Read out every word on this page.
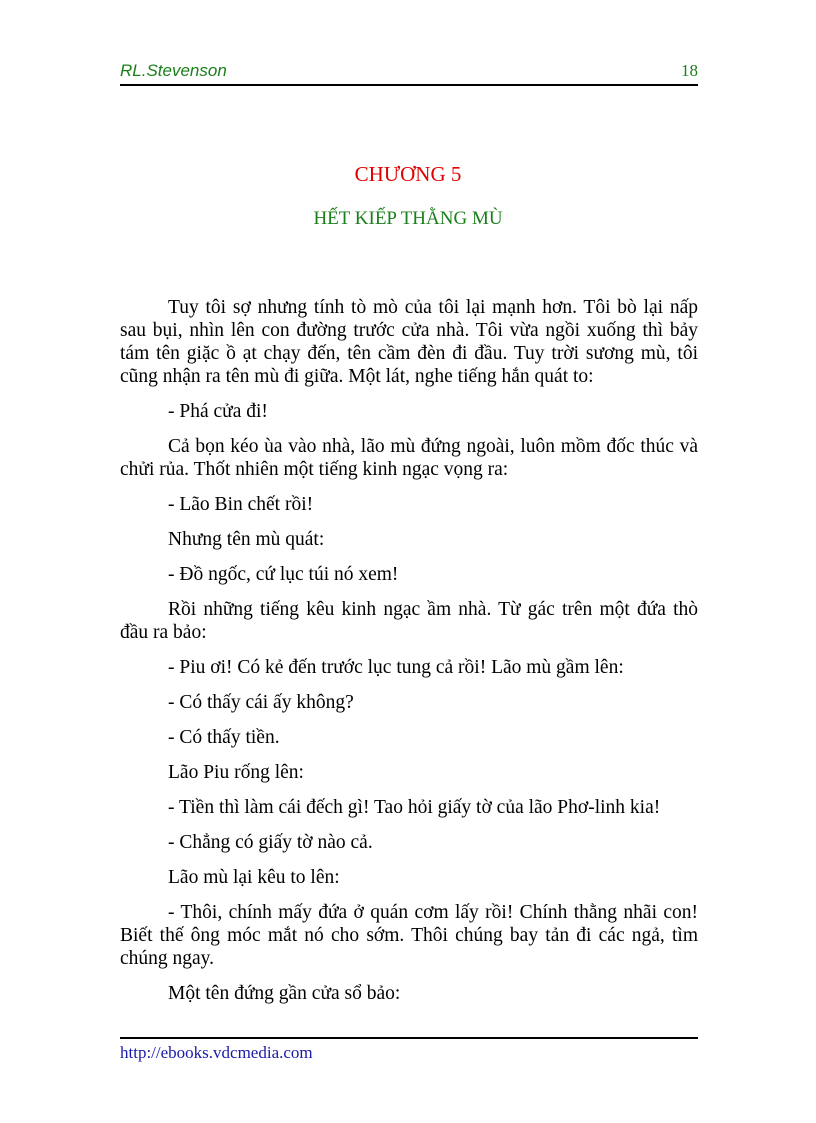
RL.Stevenson	18
CHƯƠNG 5
HẾT KIẾP THẰNG MÙ

Tuy tôi sợ nhưng tính tò mò của tôi lại mạnh hơn. Tôi bò lại nấp sau bụi, nhìn lên con đường trước cửa nhà. Tôi vừa ngồi xuống thì bảy tám tên giặc ồ ạt chạy đến, tên cầm đèn đi đầu. Tuy trời sương mù, tôi cũng nhận ra tên mù đi giữa. Một lát, nghe tiếng hắn quát to:

- Phá cửa đi!

Cả bọn kéo ùa vào nhà, lão mù đứng ngoài, luôn mồm đốc thúc và chửi rủa. Thốt nhiên một tiếng kinh ngạc vọng ra:

- Lão Bin chết rồi!

Nhưng tên mù quát:

- Đồ ngốc, cứ lục túi nó xem!

Rồi những tiếng kêu kinh ngạc ầm nhà. Từ gác trên một đứa thò đầu ra bảo:

- Piu ơi! Có kẻ đến trước lục tung cả rồi! Lão mù gầm lên:

- Có thấy cái ấy không?

- Có thấy tiền.

Lão Piu rống lên:

- Tiền thì làm cái đếch gì! Tao hỏi giấy tờ của lão Phơ-linh kia!

- Chẳng có giấy tờ nào cả.

Lão mù lại kêu to lên:

- Thôi, chính mấy đứa ở quán cơm lấy rồi! Chính thằng nhãi con! Biết thế ông móc mắt nó cho sớm. Thôi chúng bay tản đi các ngả, tìm chúng ngay.

Một tên đứng gần cửa sổ bảo:

http://ebooks.vdcmedia.com
